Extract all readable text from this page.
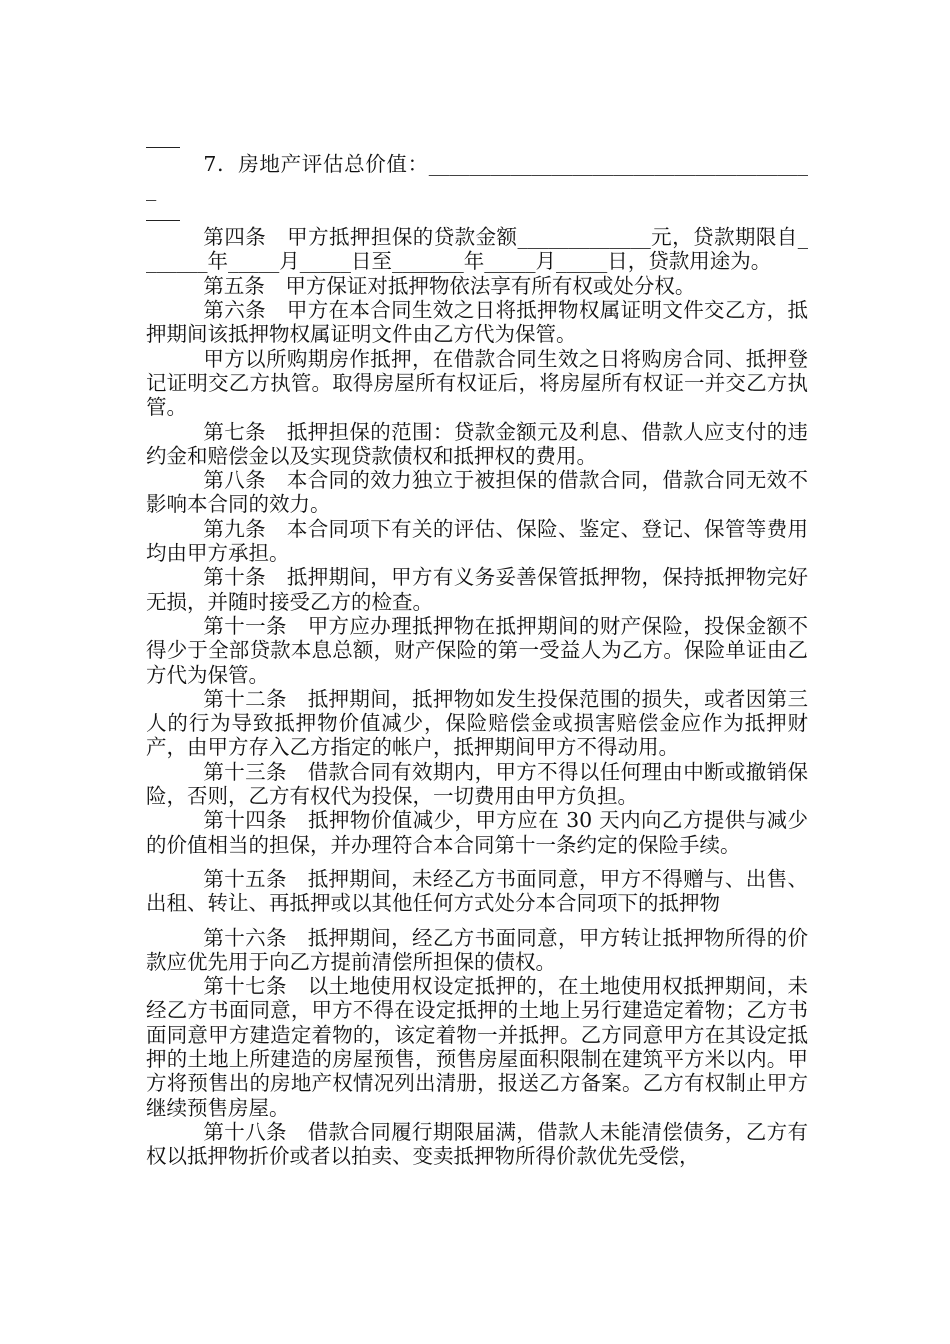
7．房地产评估总价值：______________________________________

第四条　甲方抵押担保的贷款金额_____________元，贷款期限自_______年_____月_____日至_______年_____月_____日，贷款用途为。

第五条　甲方保证对抵押物依法享有所有权或处分权。

第六条　甲方在本合同生效之日将抵押物权属证明文件交乙方，抵押期间该抵押物权属证明文件由乙方代为保管。

甲方以所购期房作抵押，在借款合同生效之日将购房合同、抵押登记证明交乙方执管。取得房屋所有权证后，将房屋所有权证一并交乙方执管。

第七条　抵押担保的范围：贷款金额元及利息、借款人应支付的违约金和赔偿金以及实现贷款债权和抵押权的费用。

第八条　本合同的效力独立于被担保的借款合同，借款合同无效不影响本合同的效力。

第九条　本合同项下有关的评估、保险、鉴定、登记、保管等费用均由甲方承担。

第十条　抵押期间，甲方有义务妥善保管抵押物，保持抵押物完好无损，并随时接受乙方的检查。

第十一条　甲方应办理抵押物在抵押期间的财产保险，投保金额不得少于全部贷款本息总额，财产保险的第一受益人为乙方。保险单证由乙方代为保管。

第十二条　抵押期间，抵押物如发生投保范围的损失，或者因第三人的行为导致抵押物价值减少，保险赔偿金或损害赔偿金应作为抵押财产，由甲方存入乙方指定的帐户，抵押期间甲方不得动用。

第十三条　借款合同有效期内，甲方不得以任何理由中断或撤销保险，否则，乙方有权代为投保，一切费用由甲方负担。

第十四条　抵押物价值减少，甲方应在 30 天内向乙方提供与减少的价值相当的担保，并办理符合本合同第十一条约定的保险手续。

第十五条　抵押期间，未经乙方书面同意，甲方不得赠与、出售、出租、转让、再抵押或以其他任何方式处分本合同项下的抵押物

第十六条　抵押期间，经乙方书面同意，甲方转让抵押物所得的价款应优先用于向乙方提前清偿所担保的债权。

第十七条　以土地使用权设定抵押的，在土地使用权抵押期间，未经乙方书面同意，甲方不得在设定抵押的土地上另行建造定着物；乙方书面同意甲方建造定着物的，该定着物一并抵押。乙方同意甲方在其设定抵押的土地上所建造的房屋预售，预售房屋面积限制在建筑平方米以内。甲方将预售出的房地产权情况列出清册，报送乙方备案。乙方有权制止甲方继续预售房屋。

第十八条　借款合同履行期限届满，借款人未能清偿债务，乙方有权以抵押物折价或者以拍卖、变卖抵押物所得价款优先受偿，
